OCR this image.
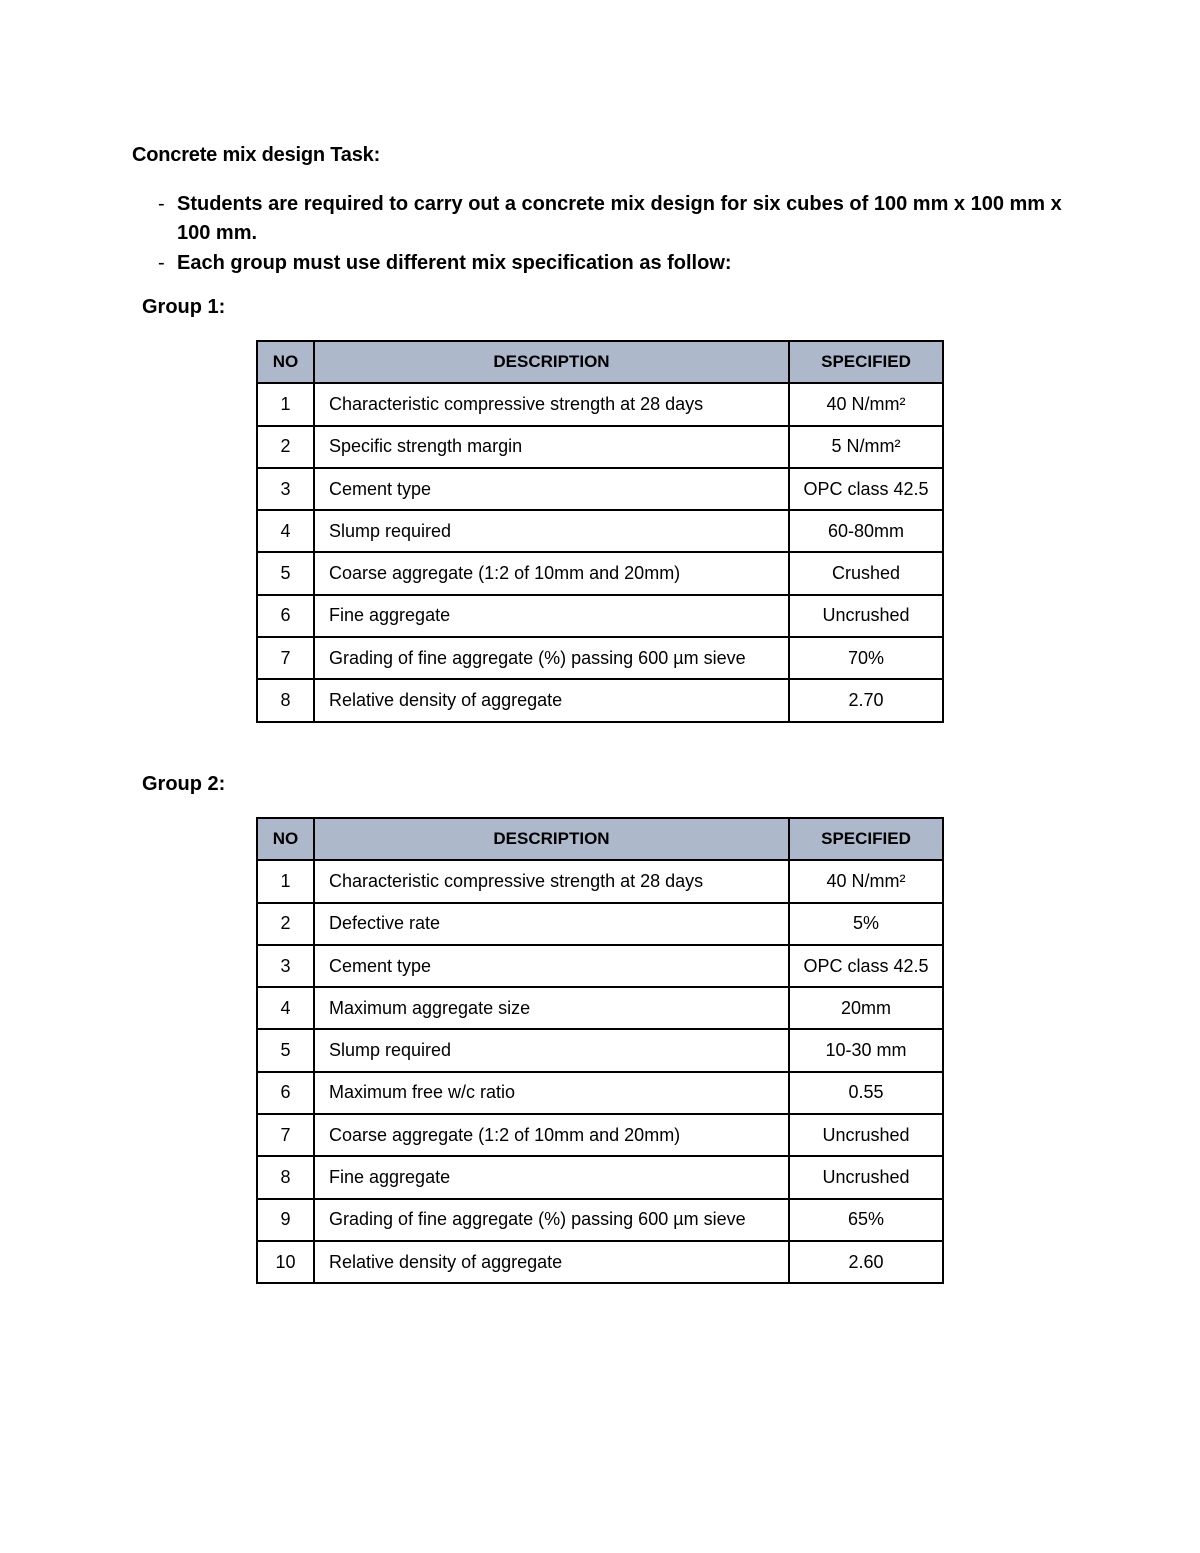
Concrete mix design Task:
- Students are required to carry out a concrete mix design for six cubes of 100 mm x 100 mm x 100 mm.
- Each group must use different mix specification as follow:
Group 1:
NO	DESCRIPTION	SPECIFIED
1	Characteristic compressive strength at 28 days	40 N/mm²
2	Specific strength margin	5 N/mm²
3	Cement type	OPC class 42.5
4	Slump required	60-80mm
5	Coarse aggregate (1:2 of 10mm and 20mm)	Crushed
6	Fine aggregate	Uncrushed
7	Grading of fine aggregate (%) passing 600 µm sieve	70%
8	Relative density of aggregate	2.70
Group 2:
NO	DESCRIPTION	SPECIFIED
1	Characteristic compressive strength at 28 days	40 N/mm²
2	Defective rate	5%
3	Cement type	OPC class 42.5
4	Maximum aggregate size	20mm
5	Slump required	10-30 mm
6	Maximum free w/c ratio	0.55
7	Coarse aggregate (1:2 of 10mm and 20mm)	Uncrushed
8	Fine aggregate	Uncrushed
9	Grading of fine aggregate (%) passing 600 µm sieve	65%
10	Relative density of aggregate	2.60
